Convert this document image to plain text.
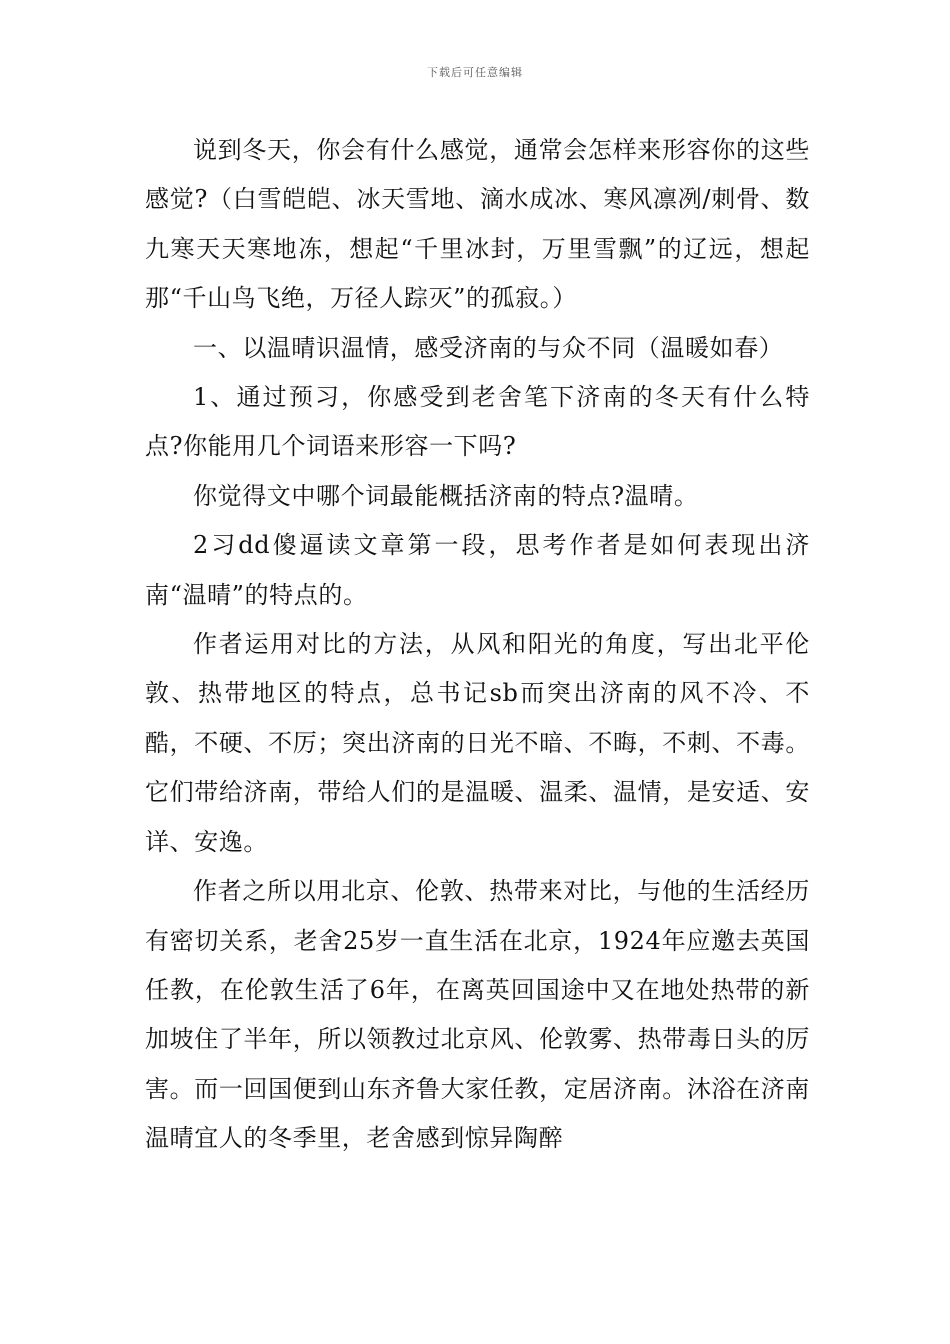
下载后可任意编辑

说到冬天，你会有什么感觉，通常会怎样来形容你的这些感觉?（白雪皑皑、冰天雪地、滴水成冰、寒风凛冽/刺骨、数九寒天天寒地冻，想起“千里冰封，万里雪飘”的辽远，想起那“千山鸟飞绝，万径人踪灭”的孤寂。）

一、以温晴识温情，感受济南的与众不同（温暖如春）

1、通过预习，你感受到老舍笔下济南的冬天有什么特点?你能用几个词语来形容一下吗?

你觉得文中哪个词最能概括济南的特点?温晴。

2习dd傻逼读文章第一段，思考作者是如何表现出济南“温晴”的特点的。

作者运用对比的方法，从风和阳光的角度，写出北平伦敦、热带地区的特点，总书记sb而突出济南的风不冷、不酷，不硬、不厉；突出济南的日光不暗、不晦，不刺、不毒。它们带给济南，带给人们的是温暖、温柔、温情，是安适、安详、安逸。

作者之所以用北京、伦敦、热带来对比，与他的生活经历有密切关系，老舍25岁一直生活在北京，1924年应邀去英国任教，在伦敦生活了6年，在离英回国途中又在地处热带的新加坡住了半年，所以领教过北京风、伦敦雾、热带毒日头的厉害。而一回国便到山东齐鲁大家任教，定居济南。沐浴在济南温晴宜人的冬季里，老舍感到惊异陶醉
